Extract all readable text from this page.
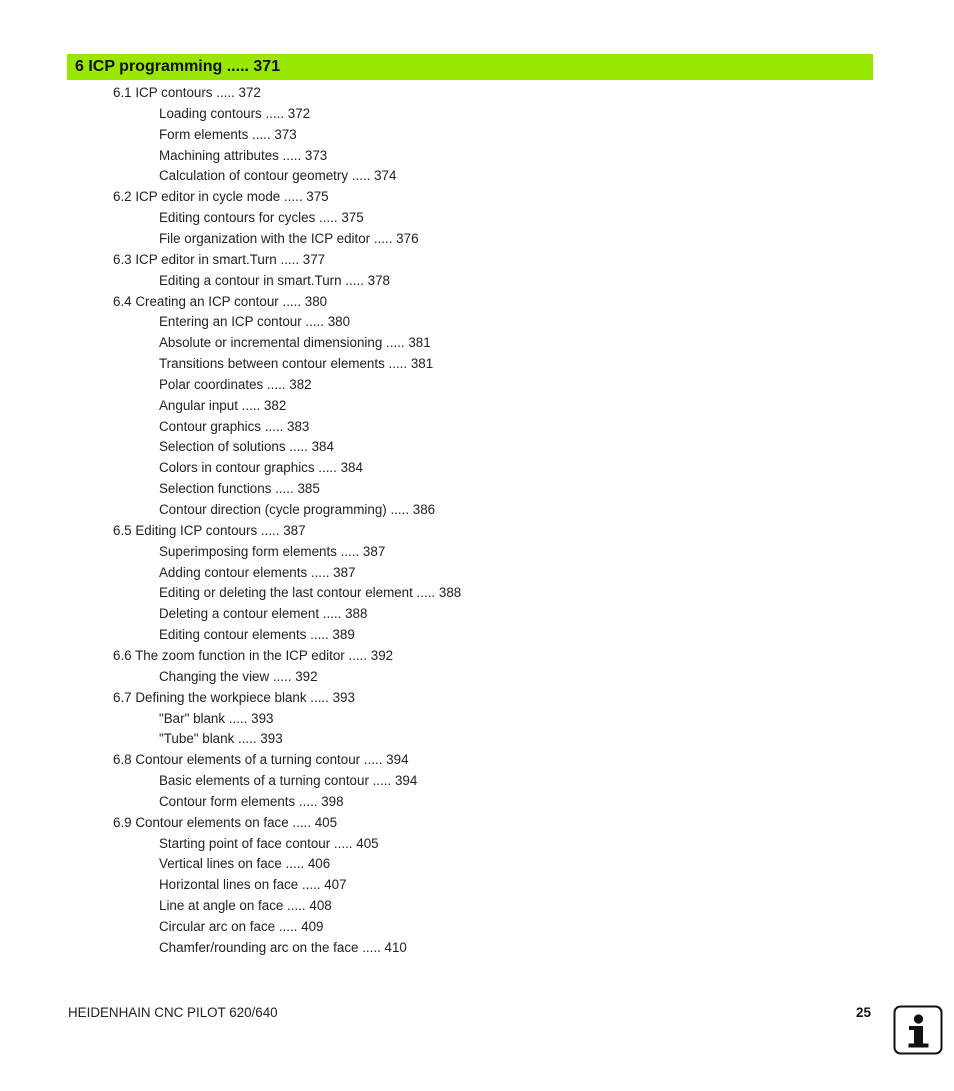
6 ICP programming ..... 371
6.1 ICP contours ..... 372
Loading contours ..... 372
Form elements ..... 373
Machining attributes ..... 373
Calculation of contour geometry ..... 374
6.2 ICP editor in cycle mode ..... 375
Editing contours for cycles ..... 375
File organization with the ICP editor ..... 376
6.3 ICP editor in smart.Turn ..... 377
Editing a contour in smart.Turn ..... 378
6.4 Creating an ICP contour ..... 380
Entering an ICP contour ..... 380
Absolute or incremental dimensioning ..... 381
Transitions between contour elements ..... 381
Polar coordinates ..... 382
Angular input ..... 382
Contour graphics ..... 383
Selection of solutions ..... 384
Colors in contour graphics ..... 384
Selection functions ..... 385
Contour direction (cycle programming) ..... 386
6.5 Editing ICP contours ..... 387
Superimposing form elements ..... 387
Adding contour elements ..... 387
Editing or deleting the last contour element ..... 388
Deleting a contour element ..... 388
Editing contour elements ..... 389
6.6 The zoom function in the ICP editor ..... 392
Changing the view ..... 392
6.7 Defining the workpiece blank ..... 393
"Bar" blank ..... 393
"Tube" blank ..... 393
6.8 Contour elements of a turning contour ..... 394
Basic elements of a turning contour ..... 394
Contour form elements ..... 398
6.9 Contour elements on face ..... 405
Starting point of face contour ..... 405
Vertical lines on face ..... 406
Horizontal lines on face ..... 407
Line at angle on face ..... 408
Circular arc on face ..... 409
Chamfer/rounding arc on the face ..... 410
HEIDENHAIN CNC PILOT 620/640	25
